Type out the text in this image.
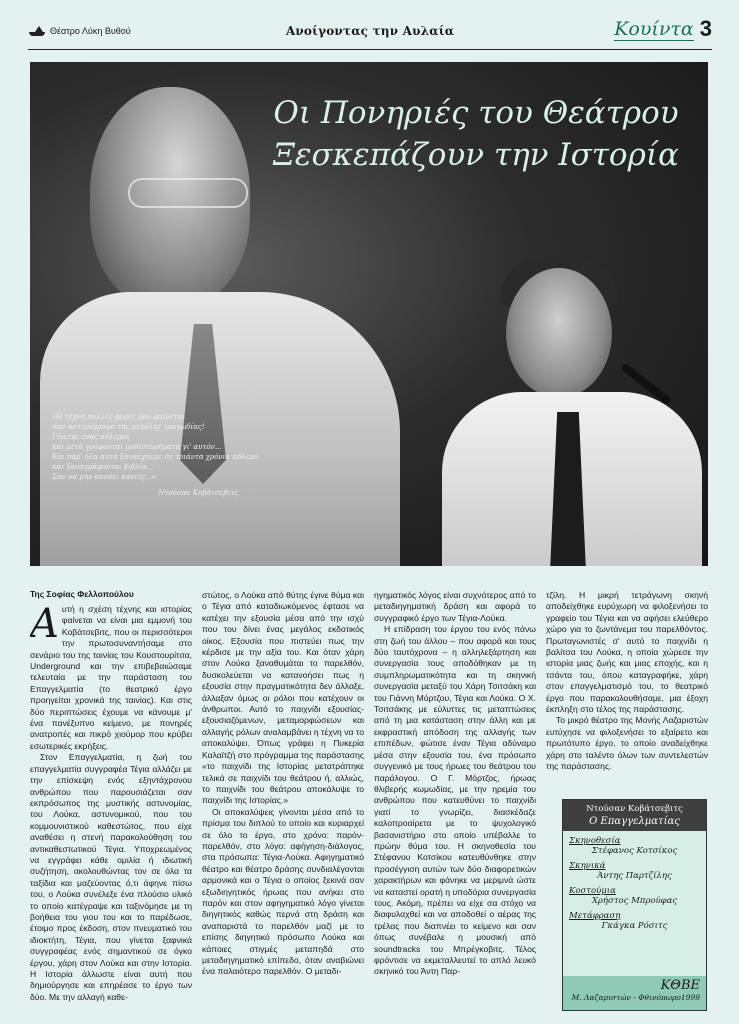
Θέατρο Λύκη Βυθού	Ανοίγοντας την Αυλαία	Κουίντα 3
Οι Πονηριές του Θεάτρου
Ξεσκεπάζουν την Ιστορία
«Η τέχνη πολλές φορές μου φαίνεται
σαν υστερόγραφο της μεγάλης τραγωδίας!
Γίνεται ένας πόλεμος
και μετά γράφονται μυθιστορήματα γι' αυτόν...
Και παρ' όλα αυτά ξαναέχουμε σε τριάντα χρόνια πόλεμο
και ξαναγράφονται βιβλία...
Σαν να μην ακούει κανείς...»
Ντούσαν Κοβάτσεβιτς
Της Σοφίας Φελλοπούλου
Α υτή η σχέση τέχνης και ιστορίας φαίνεται να είναι μια εμμονή του Κοβάτσεβιτς, που οι περισσότεροι την πρωτοσυναντήσαμε στο σενάριο του της ταινίας του Κουστουρίτσα, Underground και την επιβεβαιώσαμε τελευταία με την παράσταση του Επαγγελματία (το θεατρικό έργο προηγείται χρονικά της ταινίας). Και στις δύο περιπτώσεις έχουμε να κάνουμε μ' ένα πανέξυπνο κείμενο, με πονηρές ανατροπές και πικρό χιούμορ που κρύβει εσωτερικές εκρήξεις.

Στον Επαγγελματία, η ζωή του επαγγελματία συγγραφέα Τέγια αλλάζει με την επίσκεψη ενός εξηντάχρονου ανθρώπου που παρουσιάζεται σαν εκπρόσωπος της μυστικής αστυνομίας, του Λούκα, αστυνομικού, που του κομμουνιστικού καθεστώτος, που είχε αναθέσει η στενή παρακολούθηση του αντικαθεστωτικού Τέγια. Υποχρεωμένος να εγγράφει κάθε ομιλία ή ιδιωτική συζήτηση, ακολουθώντας τον σε όλα τα ταξίδια και μαζεύοντας ό,τι άφηνε πίσω του, ο Λούκα συνέλεξε ένα πλούσιο υλικό το οποίο κατέγραψε και ταξινόμησε με τη βοήθεια του γιου του και το παρέδωσε, έτοιμο προς έκδοση, στον πνευματικό του ιδιοκτήτη, Τέγια, που γίνεται ξαφνικά συγγραφέας ενός σημαντικού σε όγκο έργου, χάρη στον Λούκα και στην Ιστορία. Η Ιστορία άλλωστε είναι αυτή που δημιούργησε και επηρέασε το έργο των δύο. Με την αλλαγή καθε-

στώτος, ο Λούκα από θύτης έγινε θύμα και ο Τέγια από καταδιωκόμενος έφτασε να κατέχει την εξουσία μέσα από την ισχύ που του δίνει ένας μεγάλος εκδοτικός οίκος. Εξουσία που πιστεύει πως την κέρδισε με την αξία του. Και όταν χάρη στον Λούκα ξαναθυμάται το παρελθόν, δυσκολεύεται να κατανοήσει πως η εξουσία στην πραγματικότητα δεν άλλαξε, άλλαξαν όμως οι ρόλοι που κατέχουν οι άνθρωποι. Αυτό το παιχνίδι εξουσίας-εξουσιαζόμενων, μεταμορφώσεων και αλλαγής ρόλων αναλαμβάνει η τέχνη να το αποκαλύψει. Όπως γράφει η Πυκερία Καλαϊτζή στο πρόγραμμα της παράστασης «το παιχνίδι της Ιστορίας μετατράπηκε τελικά σε παιχνίδι του θεάτρου ή, αλλιώς, το παιχνίδι του θεάτρου αποκάλυψε το παιχνίδι της Ιστορίας.»

Οι αποκαλύψεις γίνονται μέσα από το πρίσμα του διπλού το οποίο και κυριαρχεί σε όλο το έργο, στο χρόνο: παρόν-παρελθόν, στο λόγο: αφήγηση-διάλογος, στα πρόσωπα: Τέγια-Λούκα. Αφηγηματικό θέατρο και θέατρο δράσης συνδιαλέγονται αρμονικά και ο Τέγια ο οποίος ξεκινά σαν εξωδιηγητικός ήρωας που ανήκει στο παρόν και στον αφηγηματικό λόγο γίνεται διηγητικός καθώς περνά στη δράση και αναπαριστά το παρελθόν μαζί με το επίσης διηγητικό πρόσωπο Λούκα και κάποιες στιγμές μεταπηδά στο μεταδιηγηματικό επίπεδο, όταν αναβιώνει ένα παλαιότερο παρελθόν. Ο μεταδι-

ηγηματικός λόγος είναι συχνότερος από το μεταδιηγηματική δράση και αφορά το συγγραφικό έργο των Τέγια-Λούκα.

Η επίδραση του έργου του ενός πάνω στη ζωή του άλλου – που αφορά και τους δύο ταυτόχρονα – η αλληλεξάρτηση και συνεργασία τους αποδόθηκαν με τη συμπληρωματικότητα και τη σκηνική συνεργασία μεταξύ του Χάρη Τσιτσάκη και του Γιάννη Μόρτζου, Τέγια και Λούκα. Ο Χ. Τσιτσάκης με εύλυττες τις μεταπτώσεις από τη μια κατάσταση στην άλλη και με εκφραστική απόδοση της αλλαγής των επιπέδων, φώτισε έναν Τέγια αδύναμο μέσα στην εξουσία του, ένα πρόσωπο συγγενικό με τους ήρωες του θεάτρου του παράλογου. Ο Γ. Μόρτζος, ήρωας θλιβερής κωμωδίας, με την ηρεμία του ανθρώπου που κατευθύνει το παιχνίδι γιατί το γνωρίζει, διασκέδαζε καλοπροαίρετα με το ψυχολογικό βασανιστήριο στο οποίο υπέβαλλε το πρώην θύμα του. Η σκηνοθεσία του Στέφανου Κοτσίκου κατευθύνθηκε στην προσέγγιση αυτών των δύο διαφορετικών χαρακτήρων και φάνηκε να μεριμνά ώστε να καταστεί ορατή η υποδόρια συνεργασία τους. Ακόμη, πρέπει να είχε σα στόχο να διαφυλαχθεί και να αποδοθεί ο αέρας της τρέλας που διαπνέει το κείμενο και σαν όπως συνέβαλε η μουσική από soundtracks του Μπρέγκοβιτς. Τέλος φρόντισε να εκμεταλλευτεί το απλό λευκό σκηνικό του Άντη Παρ-

τζίλη. Η μικρή τετράγωνη σκηνή αποδείχθηκε ευρύχωρη να φιλοξενήσει το γραφείο του Τέγια και να αφήσει ελεύθερο χώρο για το ζωντάνεμα του παρελθόντος. Πρωταγωνιστές σ' αυτό το παιχνίδι η βαλίτσα του Λούκα, η οποία χώρεσε την ιστορία μιας ζωής και μιας εποχής, και η τσάντα του, όπου καταγραφήκε, χάρη στον επαγγελματισμό του, το θεατρικό έργο που παρακολουθήσαμε, μια έξοχη έκπληξη στο τέλος της παράστασης.

Το μικρό θέατρο της Μονής Λαζαριστών ευτύχησε να φιλοξενήσει το εξαίρετο και πρωτότυπο έργο, το οποίο αναδείχθηκε χάρη στο ταλέντο όλων των συντελεστών της παράστασης.

Ντούσαν Κοβάτσεβιτς
Ο Επαγγελματίας
Σκηνοθεσία
Στέφανος Κοτσίκος
Σκηνικά
Άντης Παρτζίλης
Κοστούμια
Χρήστος Μπρούφας
Μετάφραση
Γκάγκα Ρόσιτς
ΚΘΒΕ
Μ. Λαζαριστών - Φθινόπωρο1999
